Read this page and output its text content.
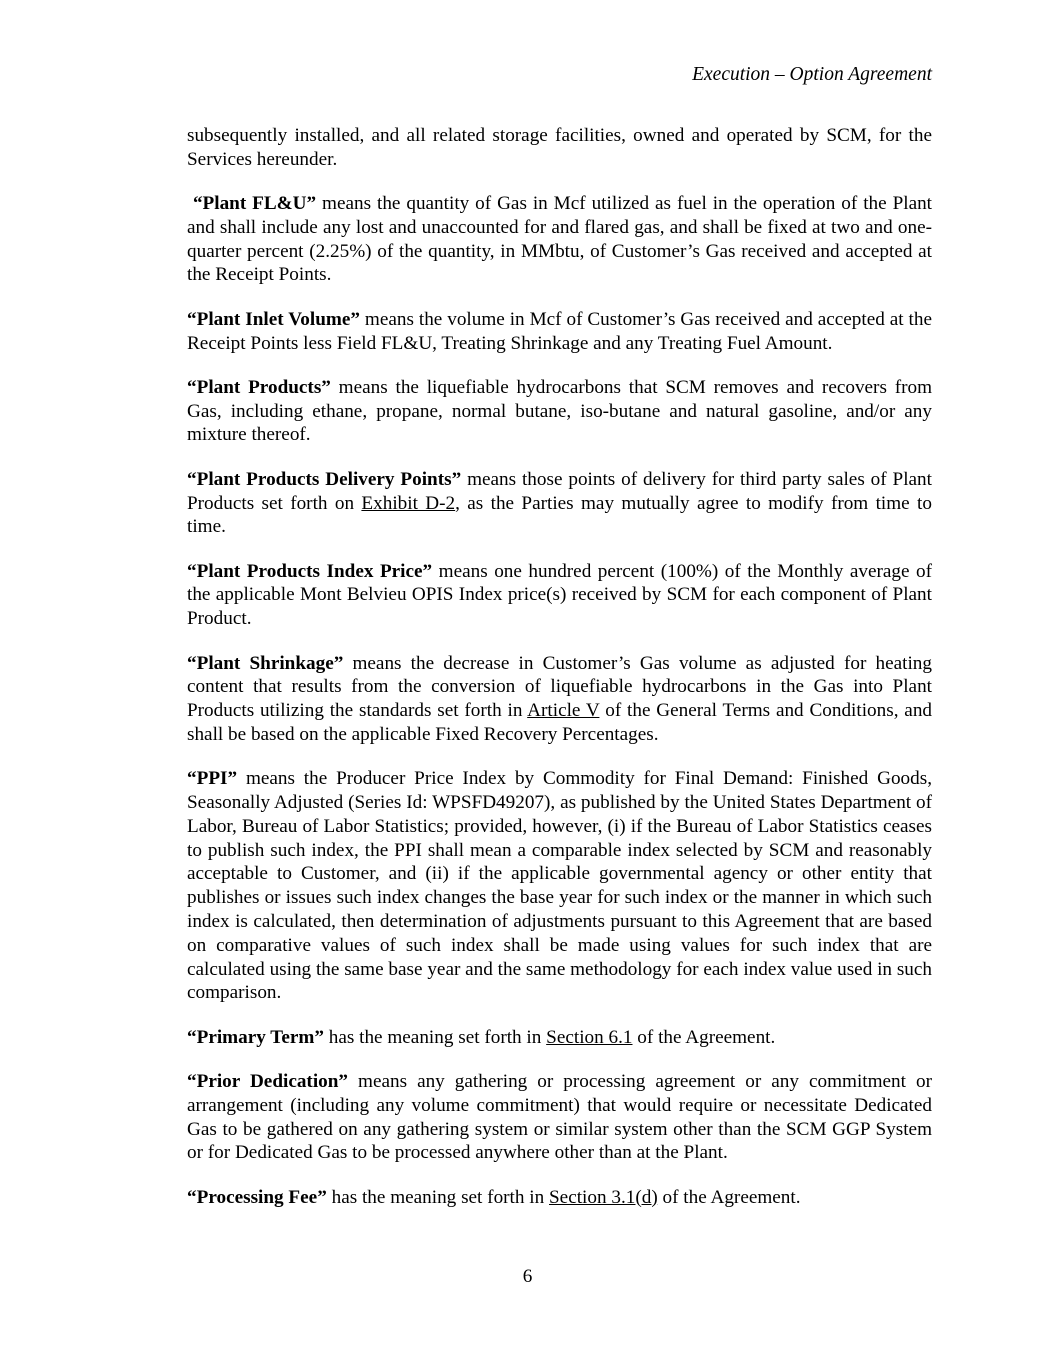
Execution – Option Agreement

subsequently installed, and all related storage facilities, owned and operated by SCM, for the Services hereunder.

“Plant FL&U” means the quantity of Gas in Mcf utilized as fuel in the operation of the Plant and shall include any lost and unaccounted for and flared gas, and shall be fixed at two and one-quarter percent (2.25%) of the quantity, in MMbtu, of Customer’s Gas received and accepted at the Receipt Points.

“Plant Inlet Volume” means the volume in Mcf of Customer’s Gas received and accepted at the Receipt Points less Field FL&U, Treating Shrinkage and any Treating Fuel Amount.

“Plant Products” means the liquefiable hydrocarbons that SCM removes and recovers from Gas, including ethane, propane, normal butane, iso-butane and natural gasoline, and/or any mixture thereof.

“Plant Products Delivery Points” means those points of delivery for third party sales of Plant Products set forth on Exhibit D-2, as the Parties may mutually agree to modify from time to time.

“Plant Products Index Price” means one hundred percent (100%) of the Monthly average of the applicable Mont Belvieu OPIS Index price(s) received by SCM for each component of Plant Product.

“Plant Shrinkage” means the decrease in Customer’s Gas volume as adjusted for heating content that results from the conversion of liquefiable hydrocarbons in the Gas into Plant Products utilizing the standards set forth in Article V of the General Terms and Conditions, and shall be based on the applicable Fixed Recovery Percentages.

“PPI” means the Producer Price Index by Commodity for Final Demand: Finished Goods, Seasonally Adjusted (Series Id: WPSFD49207), as published by the United States Department of Labor, Bureau of Labor Statistics; provided, however, (i) if the Bureau of Labor Statistics ceases to publish such index, the PPI shall mean a comparable index selected by SCM and reasonably acceptable to Customer, and (ii) if the applicable governmental agency or other entity that publishes or issues such index changes the base year for such index or the manner in which such index is calculated, then determination of adjustments pursuant to this Agreement that are based on comparative values of such index shall be made using values for such index that are calculated using the same base year and the same methodology for each index value used in such comparison.

“Primary Term” has the meaning set forth in Section 6.1 of the Agreement.

“Prior Dedication” means any gathering or processing agreement or any commitment or arrangement (including any volume commitment) that would require or necessitate Dedicated Gas to be gathered on any gathering system or similar system other than the SCM GGP System or for Dedicated Gas to be processed anywhere other than at the Plant.

“Processing Fee” has the meaning set forth in Section 3.1(d) of the Agreement.

6
